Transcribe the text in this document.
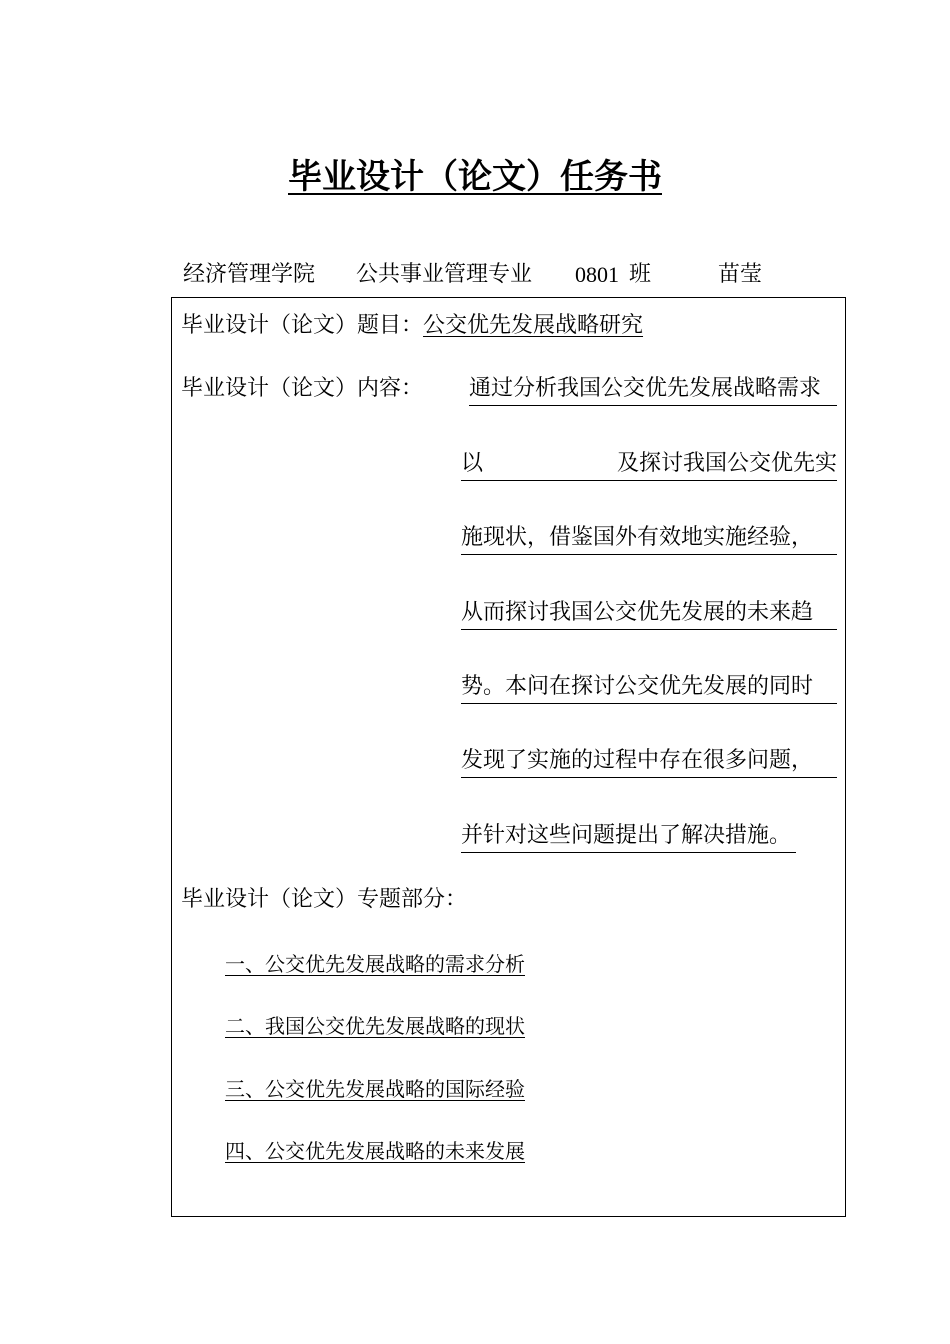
毕业设计（论文）任务书
经济管理学院 公共事业管理专业 0801 班	苗莹
毕业设计（论文）题目：公交优先发展战略研究
毕业设计（论文）内容： 通过分析我国公交优先发展战略需求
以	及探讨我国公交优先实
施现状，借鉴国外有效地实施经验，
从而探讨我国公交优先发展的未来趋
势。本问在探讨公交优先发展的同时
发现了实施的过程中存在很多问题，
并针对这些问题提出了解决措施。
毕业设计（论文）专题部分：
一、公交优先发展战略的需求分析
二、我国公交优先发展战略的现状
三、公交优先发展战略的国际经验
四、公交优先发展战略的未来发展
